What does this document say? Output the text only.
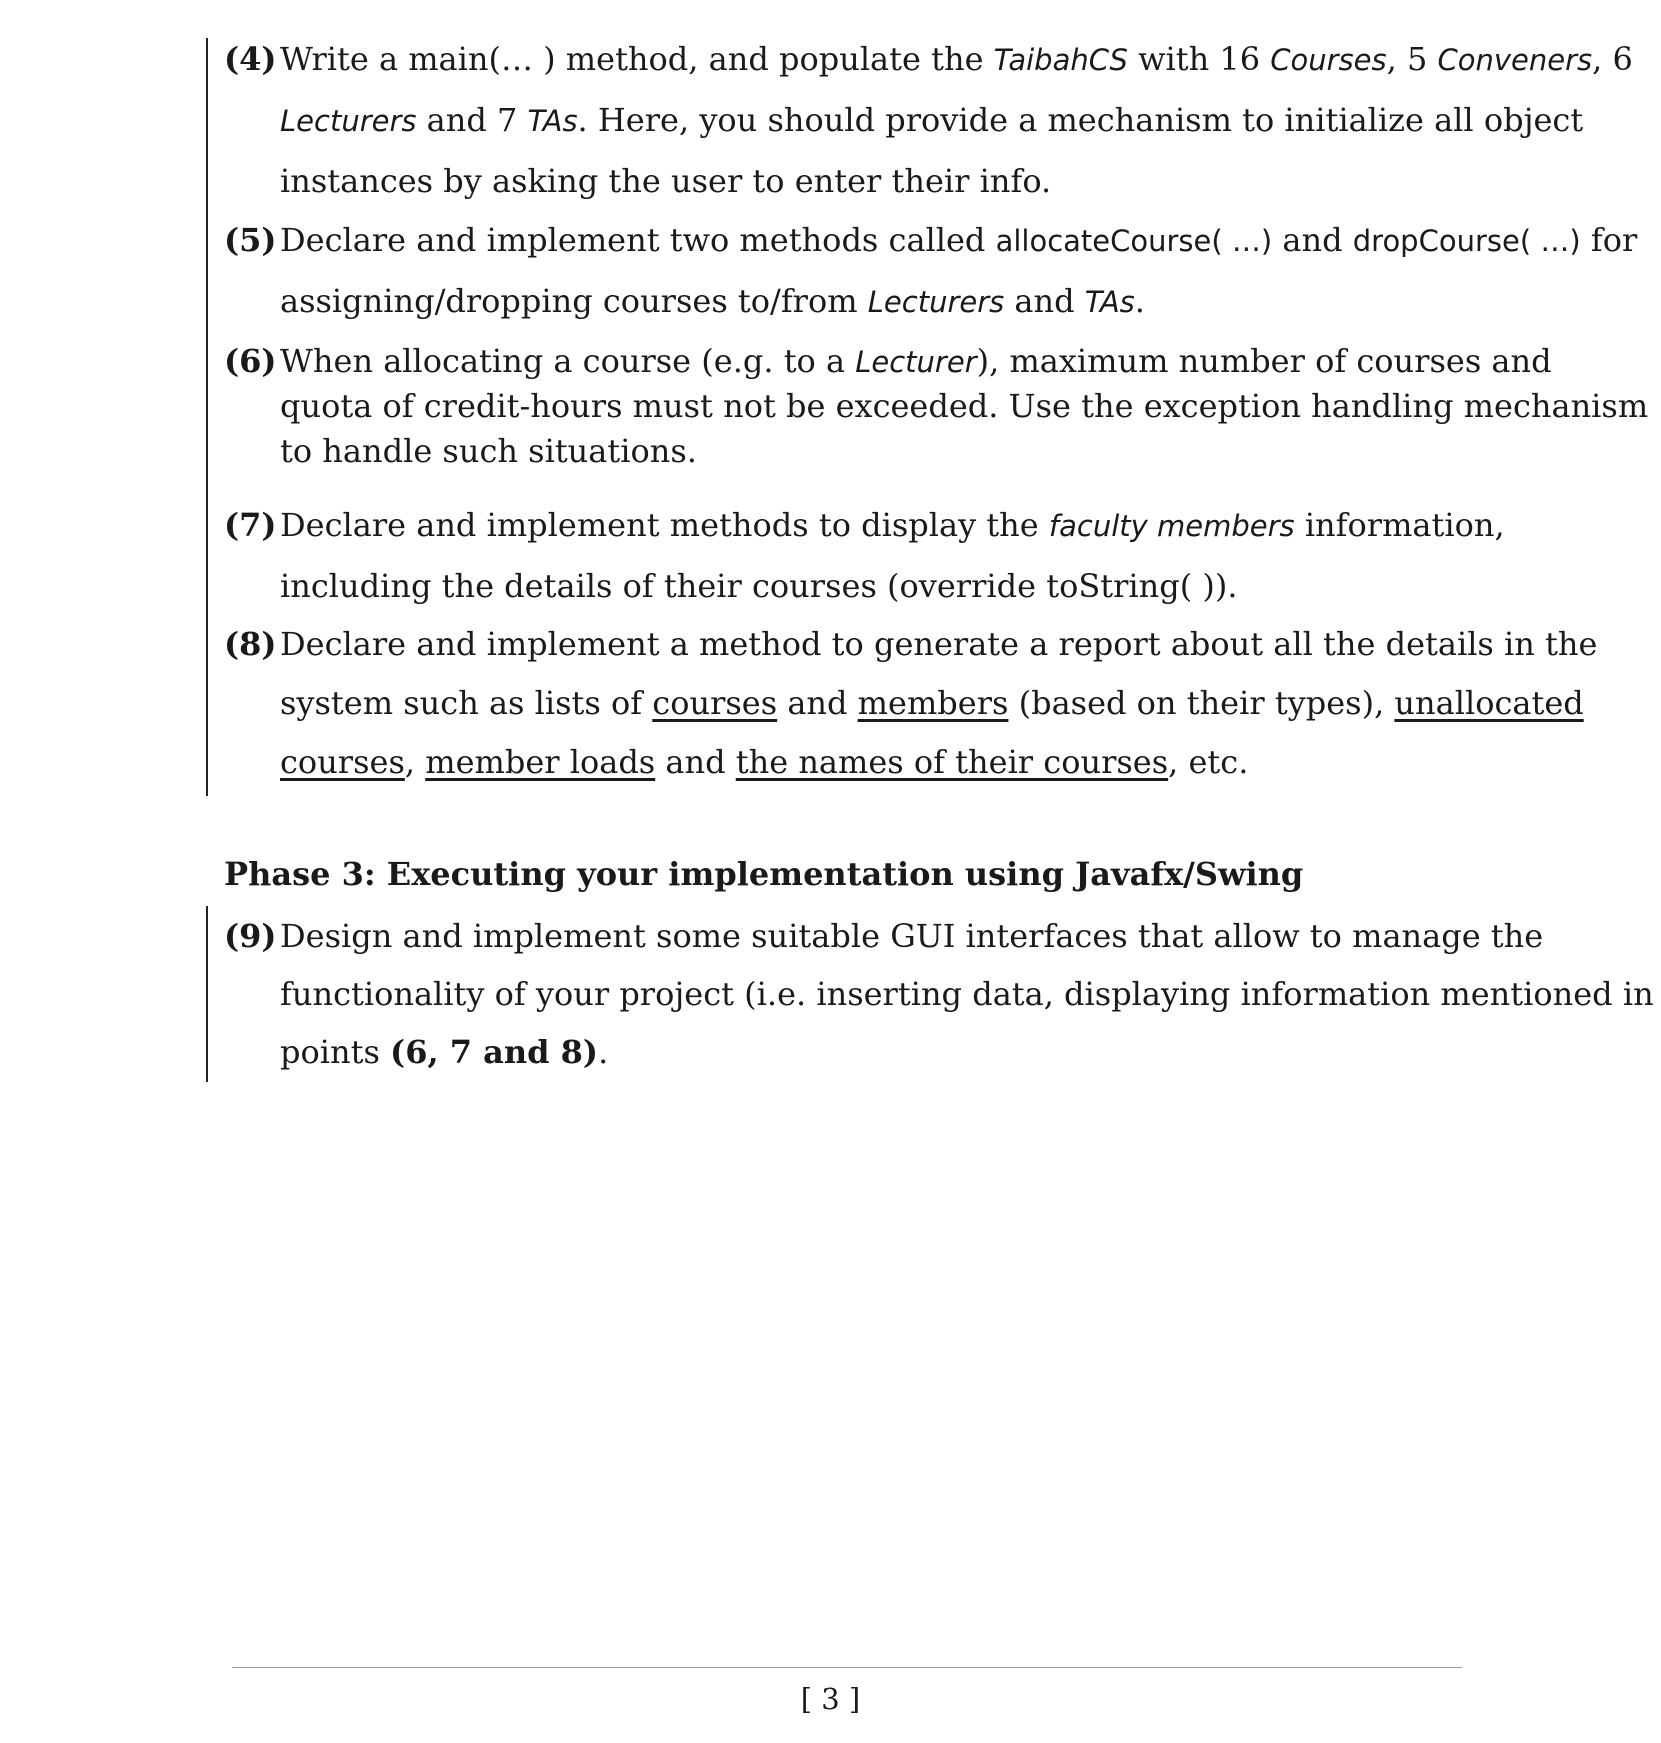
(4) Write a main(… ) method, and populate the TaibahCS with 16 Courses, 5 Conveners, 6
Lecturers and 7 TAs. Here, you should provide a mechanism to initialize all object
instances by asking the user to enter their info.
(5) Declare and implement two methods called allocateCourse( …) and dropCourse( …) for
assigning/dropping courses to/from Lecturers and TAs.
(6) When allocating a course (e.g. to a Lecturer), maximum number of courses and
quota of credit-hours must not be exceeded. Use the exception handling mechanism
to handle such situations.
(7) Declare and implement methods to display the faculty members information,
including the details of their courses (override toString( )).
(8) Declare and implement a method to generate a report about all the details in the
system such as lists of courses and members (based on their types), unallocated
courses, member loads and the names of their courses, etc.
Phase 3: Executing your implementation using Javafx/Swing
(9) Design and implement some suitable GUI interfaces that allow to manage the
functionality of your project (i.e. inserting data, displaying information mentioned in
points (6, 7 and 8).
[ 3 ]
